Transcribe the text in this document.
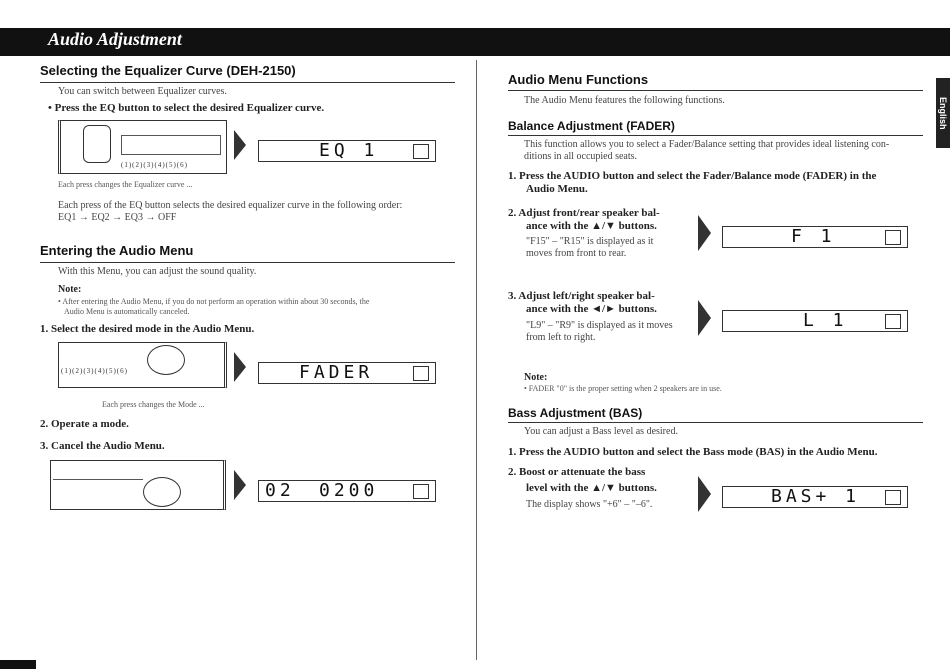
Audio Adjustment
English
Selecting the Equalizer Curve (DEH-2150)
You can switch between Equalizer curves.
• Press the EQ button to select the desired Equalizer curve.
(1)(2)(3)(4)(5)(6)
EQ 1
Each press changes the Equalizer curve ...
Each press of the EQ button selects the desired equalizer curve in the following order:
EQ1 → EQ2 → EQ3 → OFF
Entering the Audio Menu
With this Menu, you can adjust the sound quality.
Note:
• After entering the Audio Menu, if you do not perform an operation within about 30 seconds, the
Audio Menu is automatically canceled.
1. Select the desired mode in the Audio Menu.
(1)(2)(3)(4)(5)(6)	FADER
Each press changes the Mode ...
2. Operate a mode.
3. Cancel the Audio Menu.
02 0200
Audio Menu Functions
The Audio Menu features the following functions.
Balance Adjustment (FADER)
This function allows you to select a Fader/Balance setting that provides ideal listening con-
ditions in all occupied seats.
1. Press the AUDIO button and select the Fader/Balance mode (FADER) in the
Audio Menu.
2. Adjust front/rear speaker bal-
ance with the ▲/▼ buttons.
"F15" – "R15" is displayed as it
moves from front to rear.
F 1
3. Adjust left/right speaker bal-
ance with the ◄/► buttons.
"L9" – "R9" is displayed as it moves
from left to right.
L 1
Note:
• FADER "0" is the proper setting when 2 speakers are in use.
Bass Adjustment (BAS)
You can adjust a Bass level as desired.
1. Press the AUDIO button and select the Bass mode (BAS) in the Audio Menu.
2. Boost or attenuate the bass
level with the ▲/▼ buttons.
The display shows "+6" – "–6".	BAS+ 1
